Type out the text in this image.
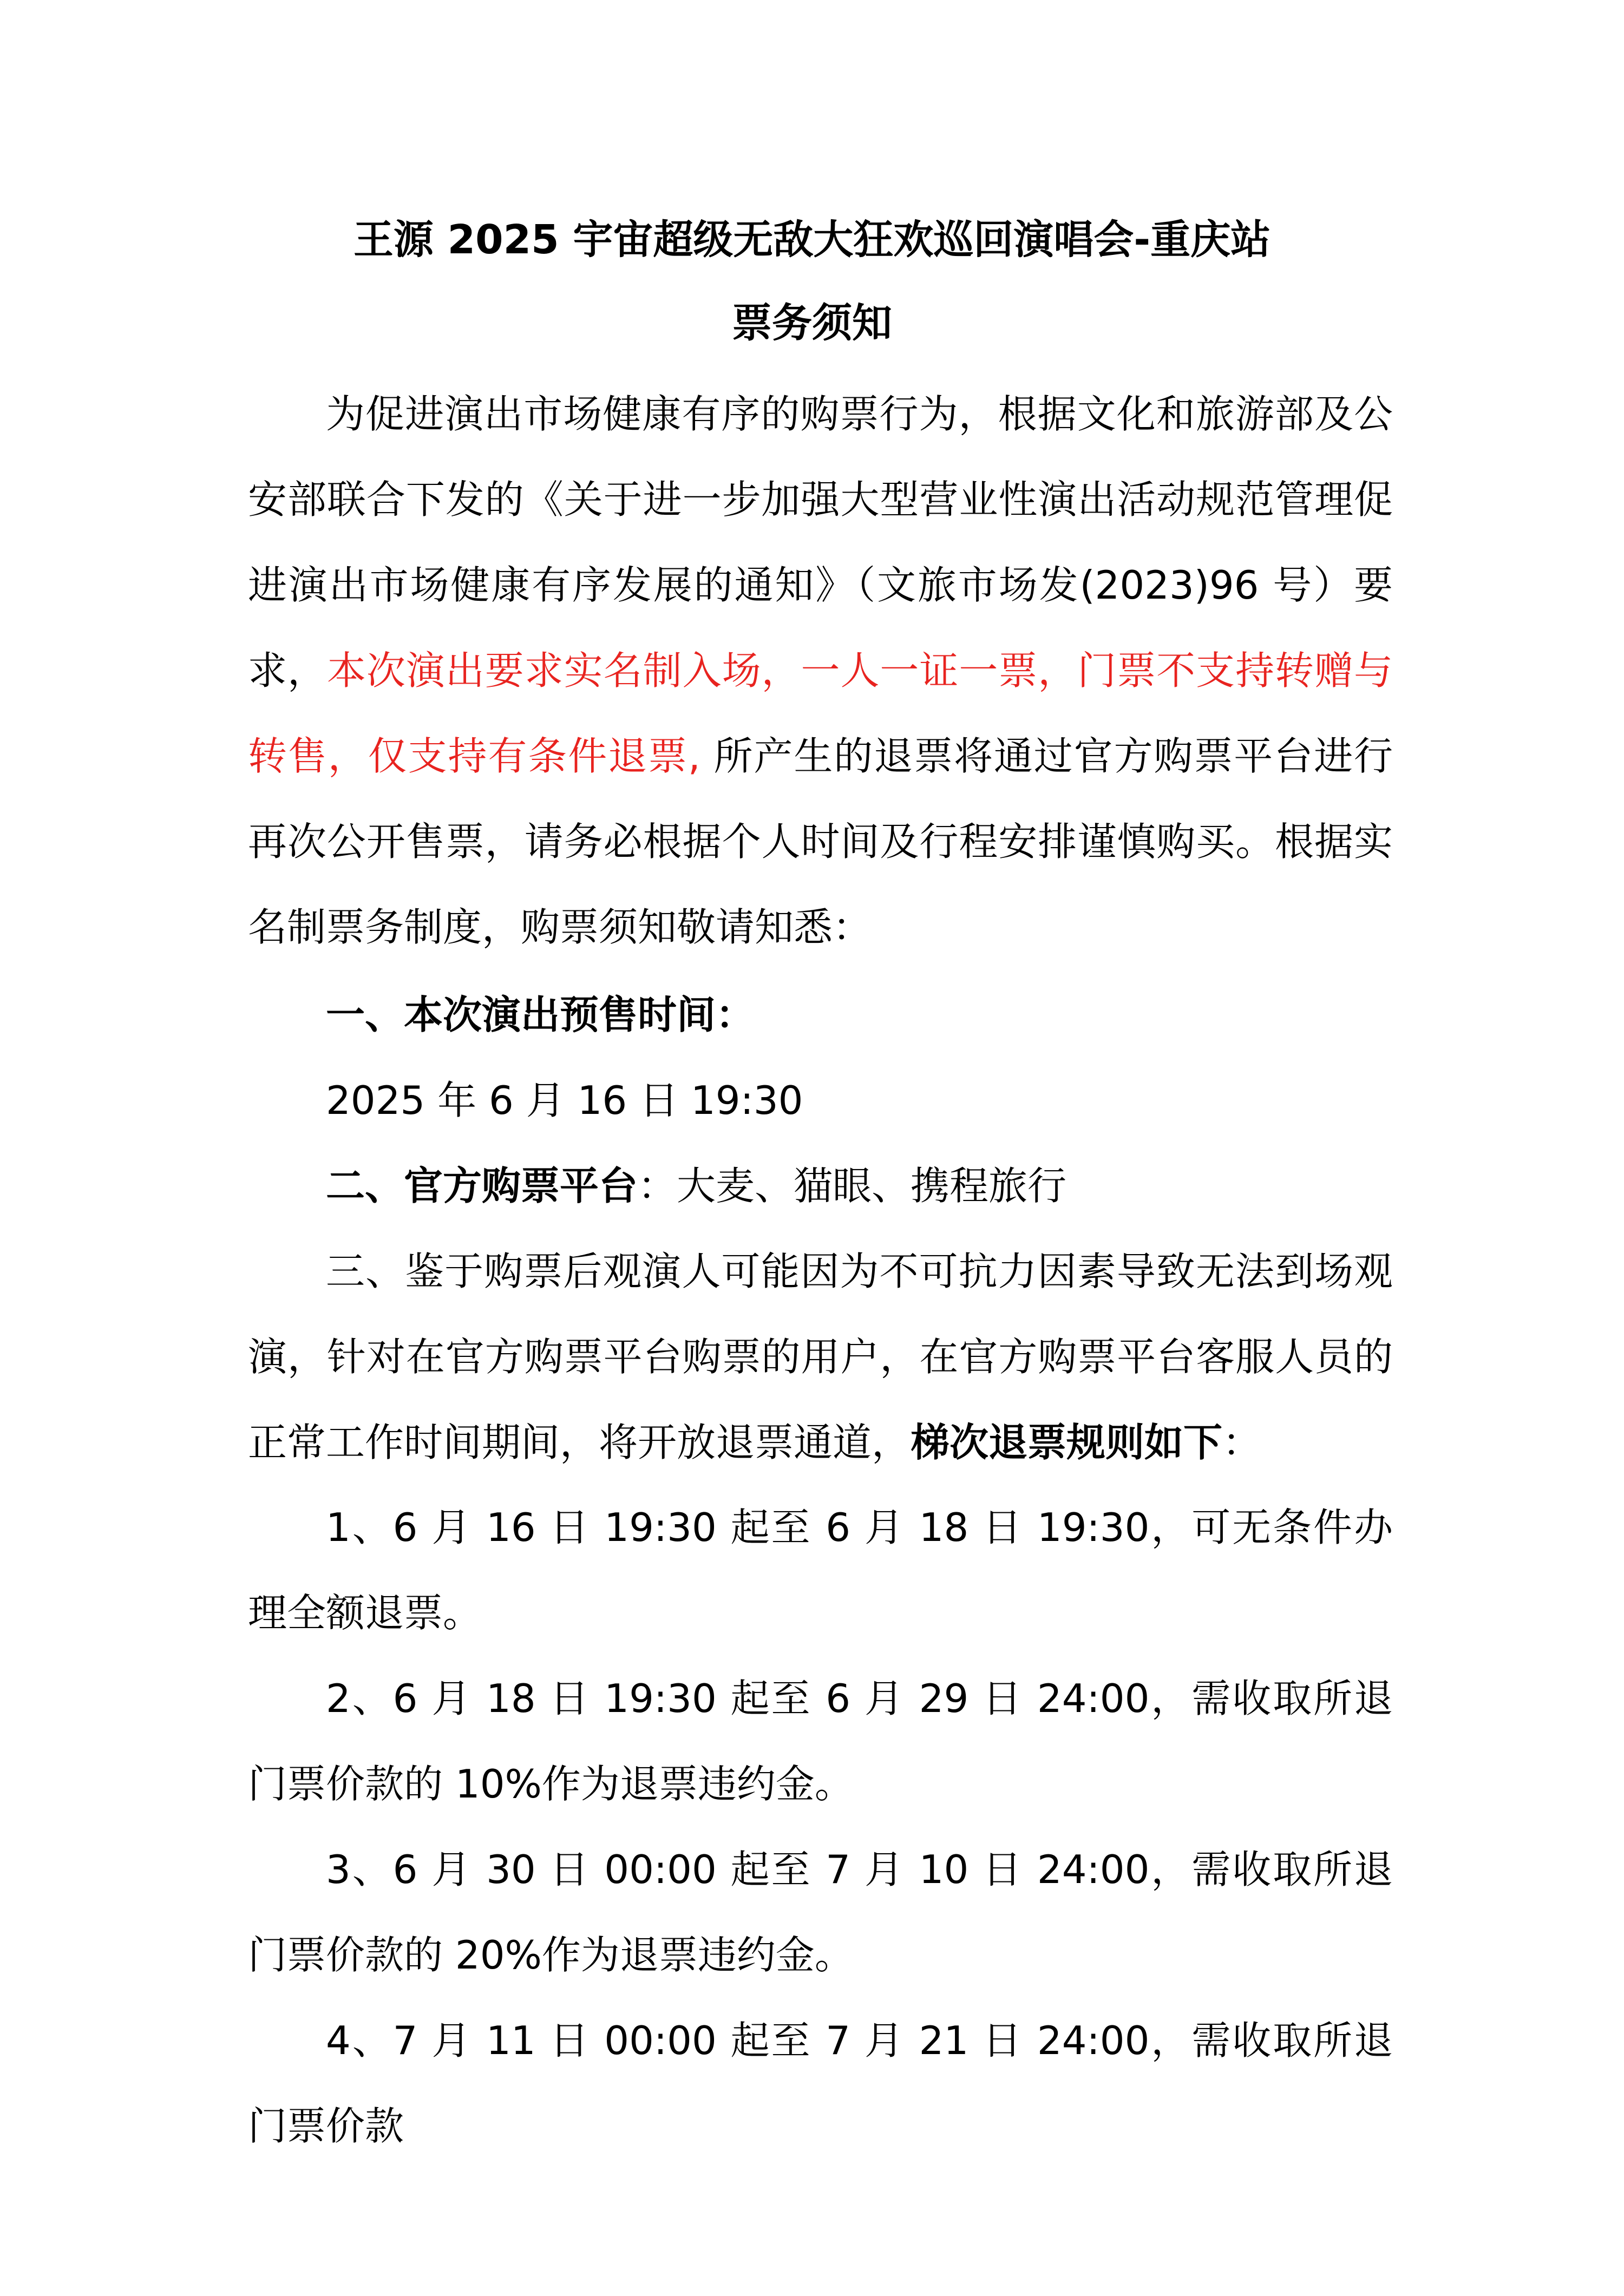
王源 2025 宇宙超级无敌大狂欢巡回演唱会-重庆站
票务须知
为促进演出市场健康有序的购票行为，根据文化和旅游部及公安部联合下发的《关于进一步加强大型营业性演出活动规范管理促进演出市场健康有序发展的通知》（文旅市场发(2023)96 号）要求，本次演出要求实名制入场，一人一证一票，门票不支持转赠与转售，仅支持有条件退票, 所产生的退票将通过官方购票平台进行再次公开售票，请务必根据个人时间及行程安排谨慎购买。根据实名制票务制度，购票须知敬请知悉：
一、本次演出预售时间：
2025 年 6 月 16 日 19:30
二、官方购票平台：大麦、猫眼、携程旅行
三、鉴于购票后观演人可能因为不可抗力因素导致无法到场观演，针对在官方购票平台购票的用户，在官方购票平台客服人员的正常工作时间期间，将开放退票通道，梯次退票规则如下：
1、6 月 16 日 19:30 起至 6 月 18 日 19:30，可无条件办理全额退票。
2、6 月 18 日 19:30 起至 6 月 29 日 24:00，需收取所退门票价款的 10%作为退票违约金。
3、6 月 30 日 00:00 起至 7 月 10 日 24:00，需收取所退门票价款的 20%作为退票违约金。
4、7 月 11 日 00:00 起至 7 月 21 日 24:00，需收取所退门票价款
